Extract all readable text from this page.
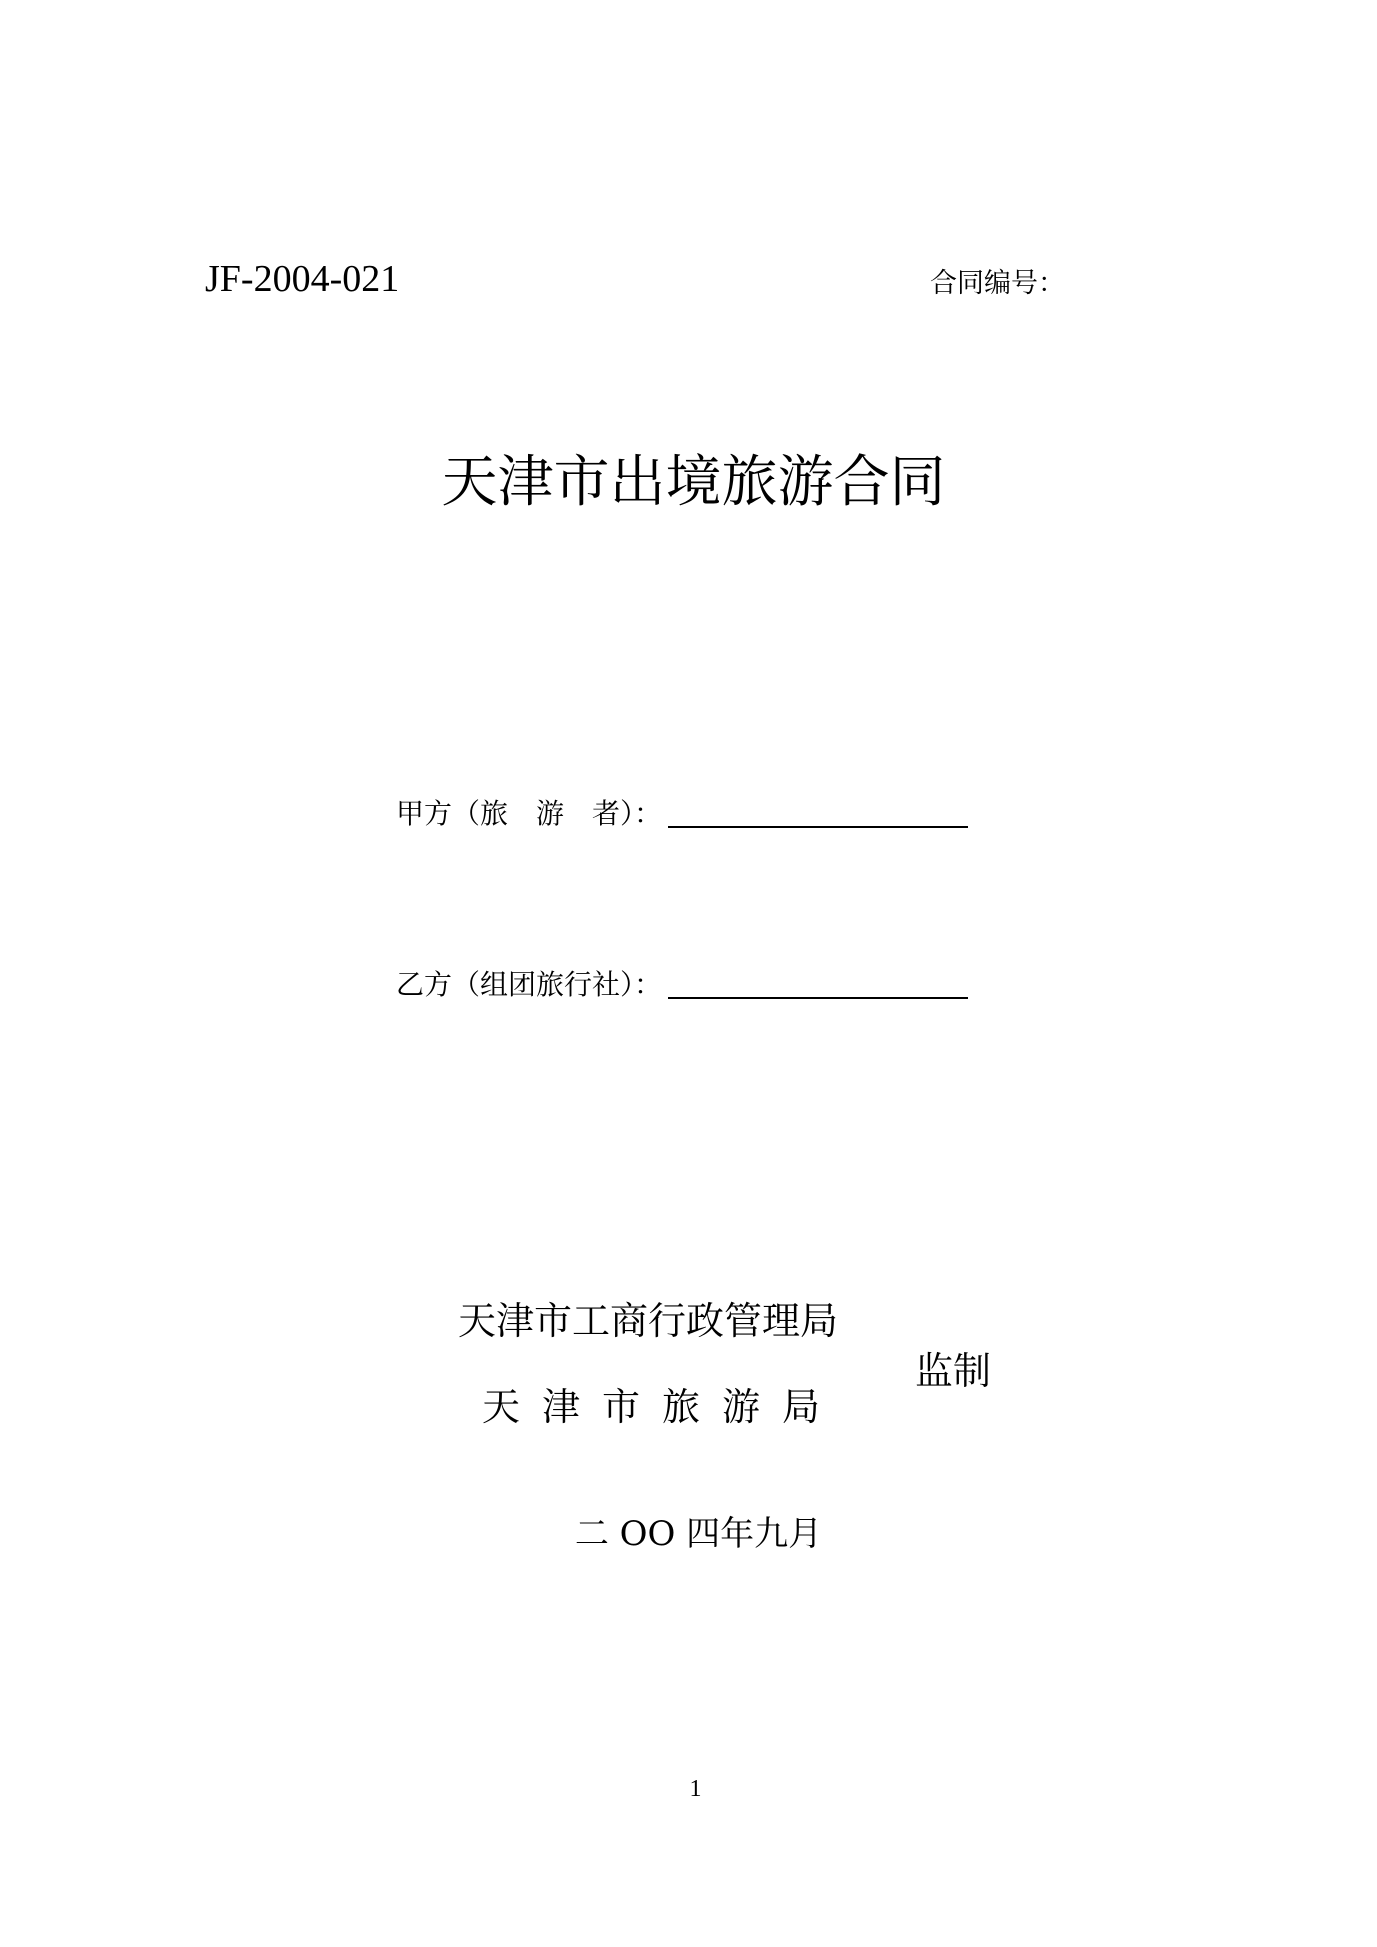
JF-2004-021	合同编号：
天津市出境旅游合同
甲方（旅　游　者）：
乙方（组团旅行社）：
天津市工商行政管理局
天津市旅游局
监制
二 OO 四年九月
1
